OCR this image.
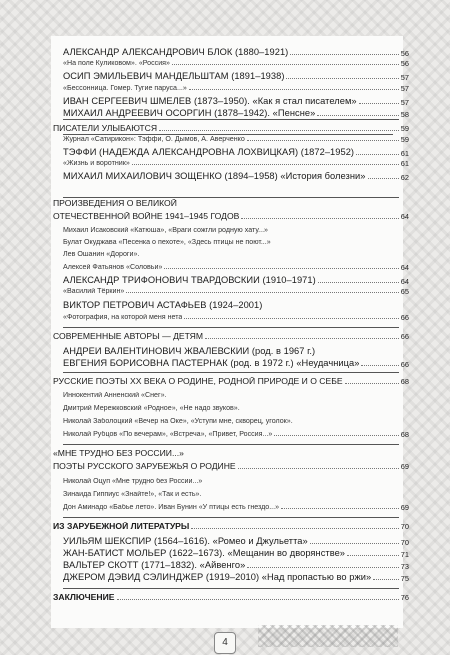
АЛЕКСАНДР АЛЕКСАНДРОВИЧ БЛОК (1880–1921)	56
«На поле Куликовом». «Россия»	56
ОСИП ЭМИЛЬЕВИЧ МАНДЕЛЬШТАМ (1891–1938)	57
«Бессонница. Гомер. Тугие паруса...»	57
ИВАН СЕРГЕЕВИЧ ШМЕЛЁВ (1873–1950). «Как я стал писателем»	57
МИХАИЛ АНДРЕЕВИЧ ОСОРГИН (1878–1942). «Пенсне»	58
ПИСАТЕЛИ УЛЫБАЮТСЯ	59
Журнал «Сатирикон»: Тэффи, О. Дымов, А. Аверченко	59
ТЭФФИ (НАДЕЖДА АЛЕКСАНДРОВНА ЛОХВИЦКАЯ) (1872–1952)	61
«Жизнь и воротник»	61
МИХАИЛ МИХАЙЛОВИЧ ЗОЩЕНКО (1894–1958) «История болезни»	62
ПРОИЗВЕДЕНИЯ О ВЕЛИКОЙ
ОТЕЧЕСТВЕННОЙ ВОЙНЕ 1941–1945 ГОДОВ	64
Михаил Исаковский «Катюша», «Враги сожгли родную хату...»
Булат Окуджава «Песенка о пехоте», «Здесь птицы не поют...»
Лев Ошанин «Дороги».
Алексей Фатьянов «Соловьи»	64
АЛЕКСАНДР ТРИФОНОВИЧ ТВАРДОВСКИЙ (1910–1971)	64
«Василий Тёркин»	65
ВИКТОР ПЕТРОВИЧ АСТАФЬЕВ (1924–2001)
«Фотография, на которой меня нета	66
СОВРЕМЕННЫЕ АВТОРЫ — ДЕТЯМ	66
АНДРЕЙ ВАЛЕНТИНОВИЧ ЖВАЛЕВСКИЙ (род. в 1967 г.)
ЕВГЕНИЯ БОРИСОВНА ПАСТЕРНАК (род. в 1972 г.) «Неудачница»	66
РУССКИЕ ПОЭТЫ XX ВЕКА О РОДИНЕ, РОДНОЙ ПРИРОДЕ И О СЕБЕ	68
Иннокентий Анненский «Снег».
Дмитрий Мережковский «Родное», «Не надо звуков».
Николай Заболоцкий «Вечер на Оке», «Уступи мне, скворец, уголок».
Николай Рубцов «По вечерам», «Встреча», «Привет, Россия...»	68
«МНЕ ТРУДНО БЕЗ РОССИИ...»
ПОЭТЫ РУССКОГО ЗАРУБЕЖЬЯ О РОДИНЕ	69
Николай Оцуп «Мне трудно без России...»
Зинаида Гиппиус «Знайте!», «Так и есть».
Дон Аминадо «Бабье лето». Иван Бунин «У птицы есть гнездо...»	69
ИЗ ЗАРУБЕЖНОЙ ЛИТЕРАТУРЫ	70
УИЛЬЯМ ШЕКСПИР (1564–1616). «Ромео и Джульетта»	70
ЖАН-БАТИСТ МОЛЬЕР (1622–1673). «Мещанин во дворянстве»	71
ВАЛЬТЕР СКОТТ (1771–1832). «Айвенго»	73
ДЖЕРОМ ДЭВИД СЭЛИНДЖЕР (1919–2010) «Над пропастью во ржи»	75
ЗАКЛЮЧЕНИЕ	76
4
